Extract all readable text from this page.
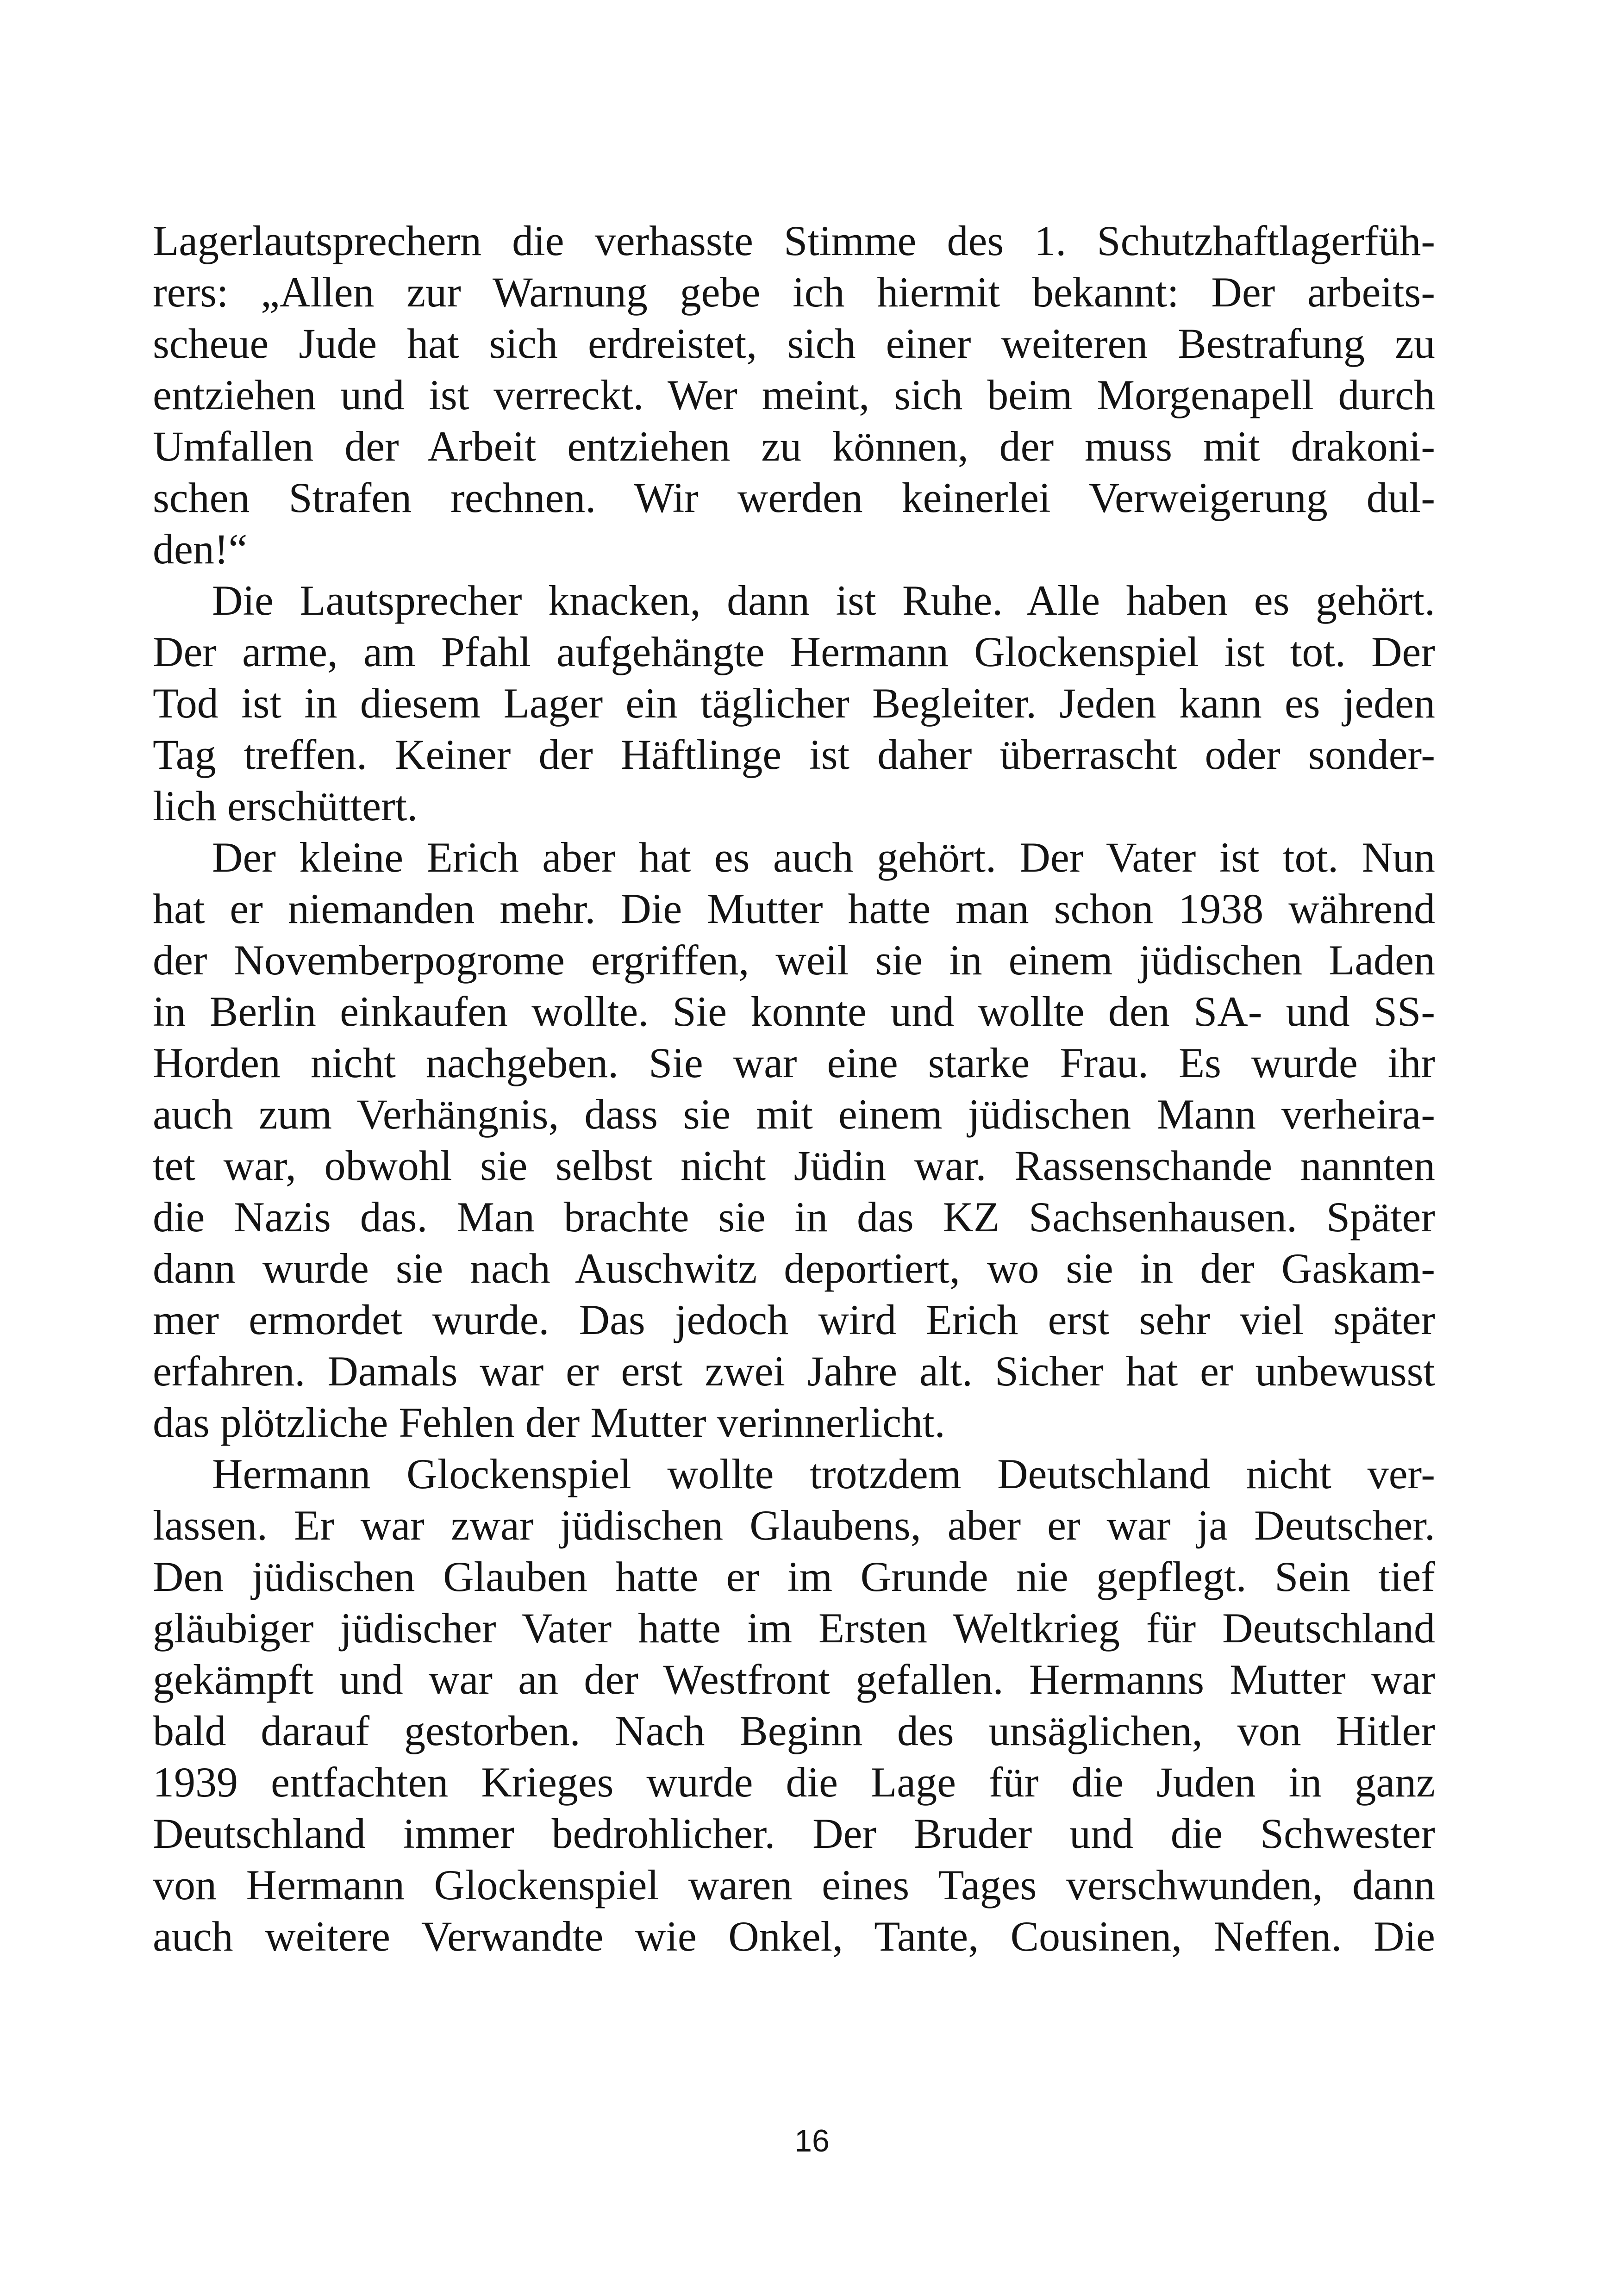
Lagerlautsprechern die verhasste Stimme des 1. Schutzhaftlagerfüh-
rers: „Allen zur Warnung gebe ich hiermit bekannt: Der arbeits-
scheue Jude hat sich erdreistet, sich einer weiteren Bestrafung zu
entziehen und ist verreckt. Wer meint, sich beim Morgenapell durch
Umfallen der Arbeit entziehen zu können, der muss mit drakoni-
schen Strafen rechnen. Wir werden keinerlei Verweigerung dul-
den!“
Die Lautsprecher knacken, dann ist Ruhe. Alle haben es gehört.
Der arme, am Pfahl aufgehängte Hermann Glockenspiel ist tot. Der
Tod ist in diesem Lager ein täglicher Begleiter. Jeden kann es jeden
Tag treffen. Keiner der Häftlinge ist daher überrascht oder sonder-
lich erschüttert.
Der kleine Erich aber hat es auch gehört. Der Vater ist tot. Nun
hat er niemanden mehr. Die Mutter hatte man schon 1938 während
der Novemberpogrome ergriffen, weil sie in einem jüdischen Laden
in Berlin einkaufen wollte. Sie konnte und wollte den SA- und SS-
Horden nicht nachgeben. Sie war eine starke Frau. Es wurde ihr
auch zum Verhängnis, dass sie mit einem jüdischen Mann verheira-
tet war, obwohl sie selbst nicht Jüdin war. Rassenschande nannten
die Nazis das. Man brachte sie in das KZ Sachsenhausen. Später
dann wurde sie nach Auschwitz deportiert, wo sie in der Gaskam-
mer ermordet wurde. Das jedoch wird Erich erst sehr viel später
erfahren. Damals war er erst zwei Jahre alt. Sicher hat er unbewusst
das plötzliche Fehlen der Mutter verinnerlicht.
Hermann Glockenspiel wollte trotzdem Deutschland nicht ver-
lassen. Er war zwar jüdischen Glaubens, aber er war ja Deutscher.
Den jüdischen Glauben hatte er im Grunde nie gepflegt. Sein tief
gläubiger jüdischer Vater hatte im Ersten Weltkrieg für Deutschland
gekämpft und war an der Westfront gefallen. Hermanns Mutter war
bald darauf gestorben. Nach Beginn des unsäglichen, von Hitler
1939 entfachten Krieges wurde die Lage für die Juden in ganz
Deutschland immer bedrohlicher. Der Bruder und die Schwester
von Hermann Glockenspiel waren eines Tages verschwunden, dann
auch weitere Verwandte wie Onkel, Tante, Cousinen, Neffen. Die
16
